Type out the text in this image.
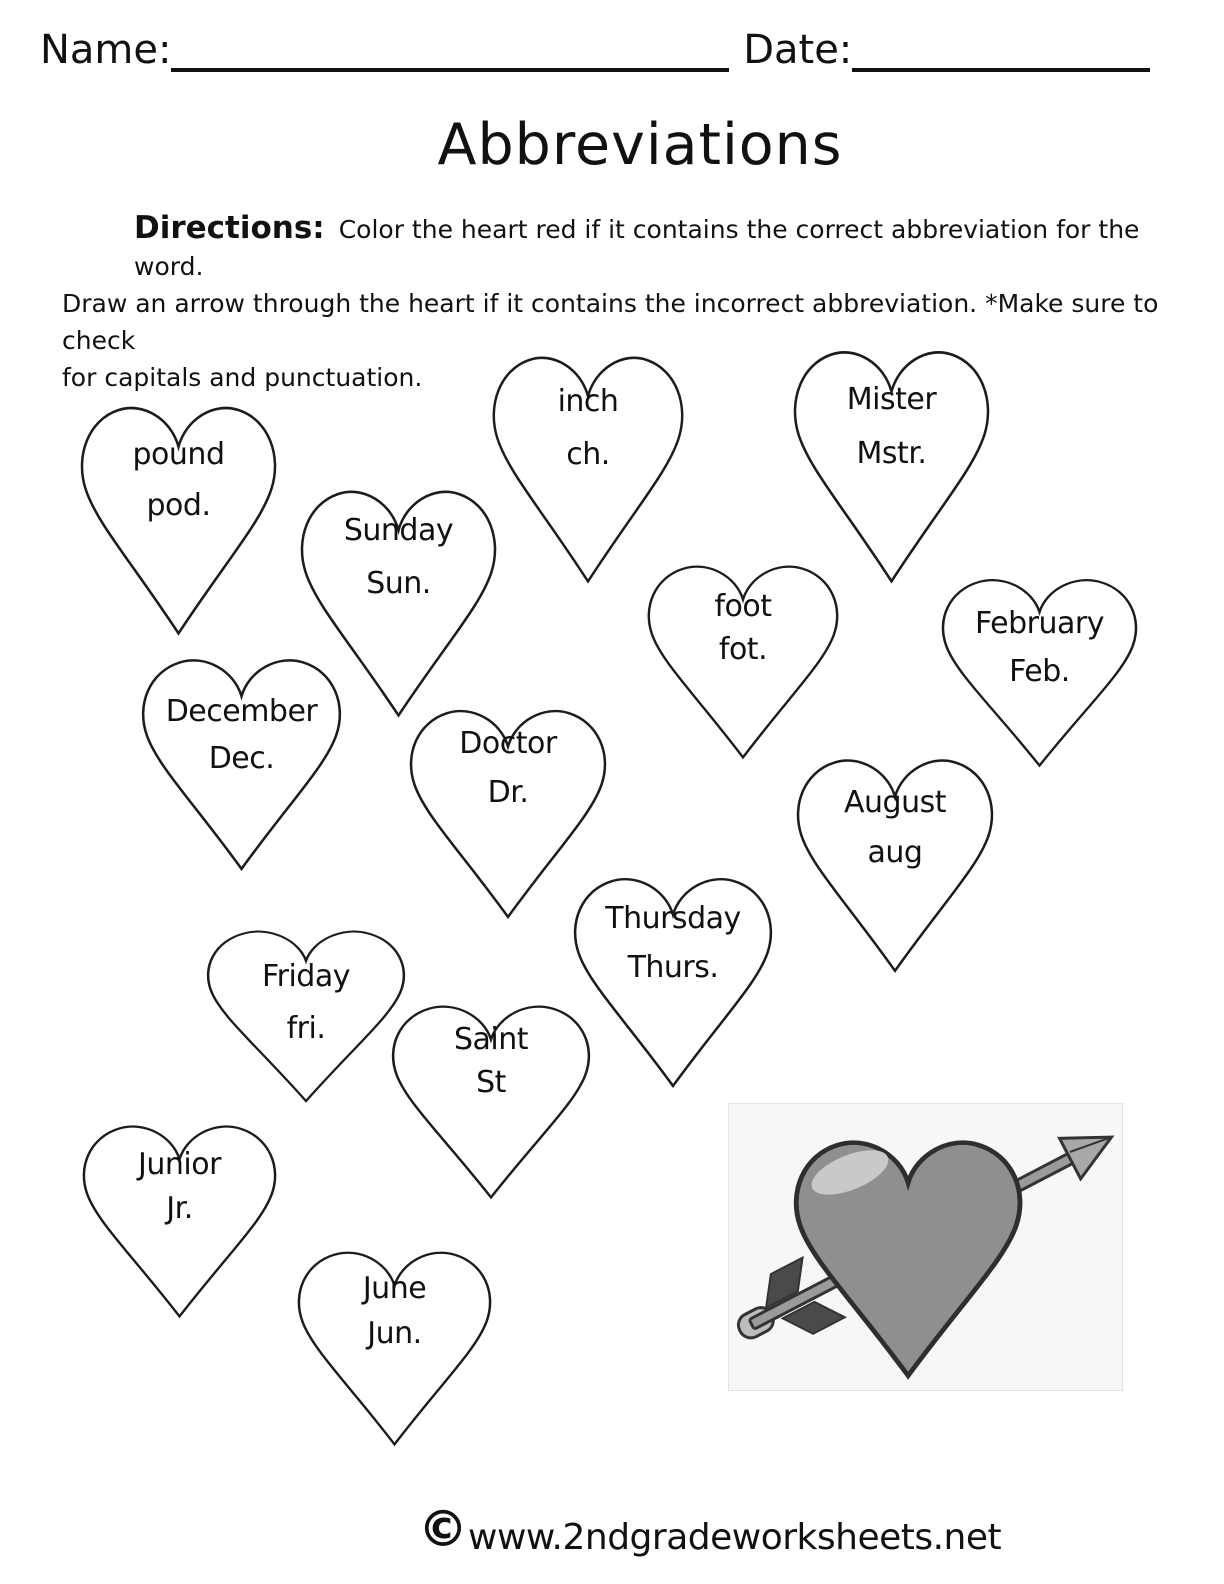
Name:	Date:
Abbreviations
Directions: Color the heart red if it contains the correct abbreviation for the word.
Draw an arrow through the heart if it contains the incorrect abbreviation. *Make sure to check
for capitals and punctuation.
pound
pod.
Sunday
Sun.
inch
ch.
Mister
Mstr.
foot
fot.
February
Feb.
December
Dec.	Doctor
Dr.	August
aug
Thursday
Thurs.
Friday
fri.	Saint
St
Junior
Jr.
June
Jun.
© www.2ndgradeworksheets.net
